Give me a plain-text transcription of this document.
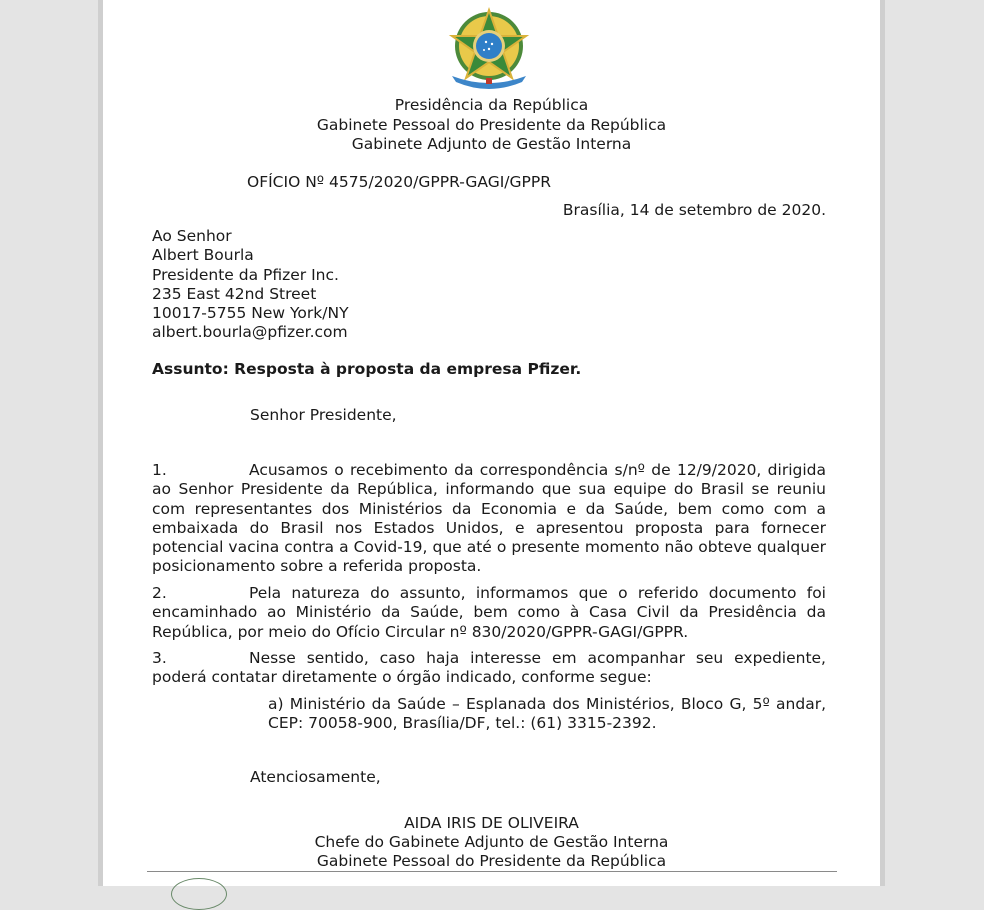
Presidência da República
Gabinete Pessoal do Presidente da República
Gabinete Adjunto de Gestão Interna
OFÍCIO Nº 4575/2020/GPPR-GAGI/GPPR
Brasília, 14 de setembro de 2020.
Ao Senhor
Albert Bourla
Presidente da Pfizer Inc.
235 East 42nd Street
10017-5755 New York/NY
albert.bourla@pfizer.com
Assunto: Resposta à proposta da empresa Pfizer.
Senhor Presidente,
1.	Acusamos o recebimento da correspondência s/nº de 12/9/2020, dirigida ao Senhor Presidente da República, informando que sua equipe do Brasil se reuniu com representantes dos Ministérios da Economia e da Saúde, bem como com a embaixada do Brasil nos Estados Unidos, e apresentou proposta para fornecer potencial vacina contra a Covid-19, que até o presente momento não obteve qualquer posicionamento sobre a referida proposta.
2.	Pela natureza do assunto, informamos que o referido documento foi encaminhado ao Ministério da Saúde, bem como à Casa Civil da Presidência da República, por meio do Ofício Circular nº 830/2020/GPPR-GAGI/GPPR.
3.	Nesse sentido, caso haja interesse em acompanhar seu expediente, poderá contatar diretamente o órgão indicado, conforme segue:
a) Ministério da Saúde – Esplanada dos Ministérios, Bloco G, 5º andar, CEP: 70058-900, Brasília/DF, tel.: (61) 3315-2392.
Atenciosamente,
AIDA IRIS DE OLIVEIRA
Chefe do Gabinete Adjunto de Gestão Interna
Gabinete Pessoal do Presidente da República
